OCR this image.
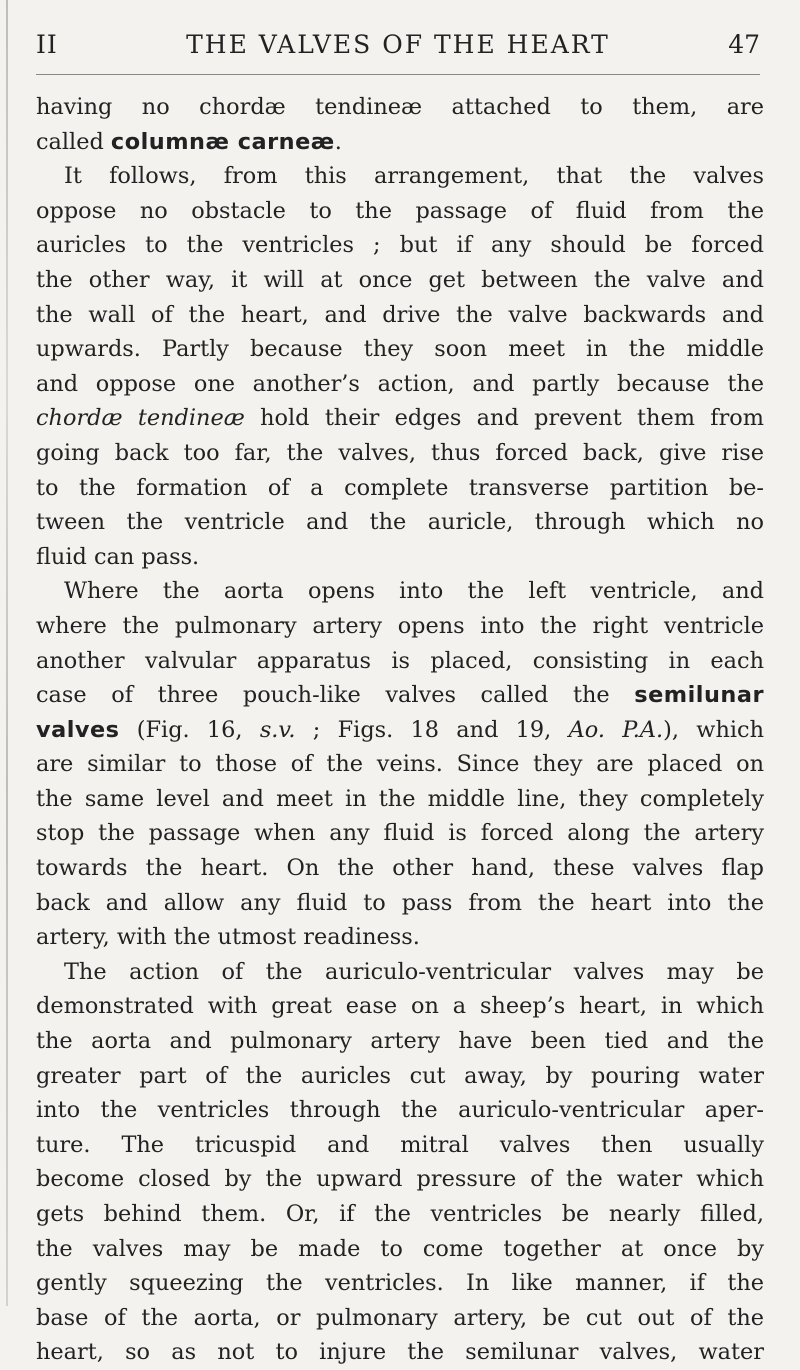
II	THE VALVES OF THE HEART	47
having no chordæ tendineæ attached to them, are
called columnæ carneæ.
It follows, from this arrangement, that the valves
oppose no obstacle to the passage of fluid from the
auricles to the ventricles ; but if any should be forced
the other way, it will at once get between the valve and
the wall of the heart, and drive the valve backwards and
upwards. Partly because they soon meet in the middle
and oppose one another’s action, and partly because the
chordæ tendineæ hold their edges and prevent them from
going back too far, the valves, thus forced back, give rise
to the formation of a complete transverse partition be-
tween the ventricle and the auricle, through which no
fluid can pass.
Where the aorta opens into the left ventricle, and
where the pulmonary artery opens into the right ventricle
another valvular apparatus is placed, consisting in each
case of three pouch-like valves called the semilunar
valves (Fig. 16, s.v. ; Figs. 18 and 19, Ao. P.A.), which
are similar to those of the veins. Since they are placed on
the same level and meet in the middle line, they completely
stop the passage when any fluid is forced along the artery
towards the heart. On the other hand, these valves flap
back and allow any fluid to pass from the heart into the
artery, with the utmost readiness.
The action of the auriculo-ventricular valves may be
demonstrated with great ease on a sheep’s heart, in which
the aorta and pulmonary artery have been tied and the
greater part of the auricles cut away, by pouring water
into the ventricles through the auriculo-ventricular aper-
ture. The tricuspid and mitral valves then usually
become closed by the upward pressure of the water which
gets behind them. Or, if the ventricles be nearly filled,
the valves may be made to come together at once by
gently squeezing the ventricles. In like manner, if the
base of the aorta, or pulmonary artery, be cut out of the
heart, so as not to injure the semilunar valves, water
